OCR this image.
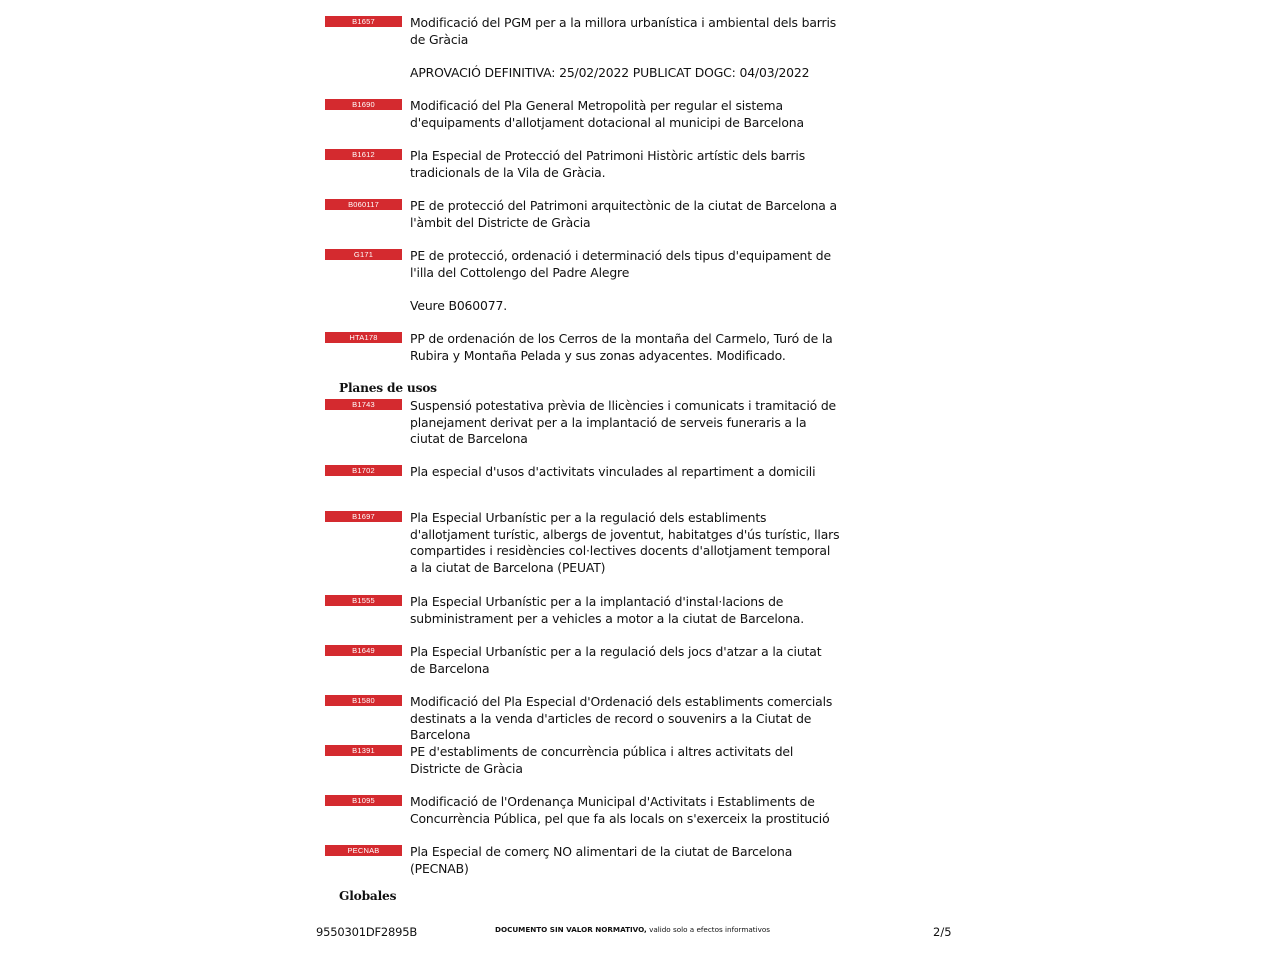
B1657	Modificació del PGM per a la millora urbanística i ambiental dels barris de Gràcia
APROVACIÓ DEFINITIVA: 25/02/2022 PUBLICAT DOGC: 04/03/2022
B1690	Modificació del Pla General Metropolità per regular el sistema d'equipaments d'allotjament dotacional al municipi de Barcelona
B1612	Pla Especial de Protecció del Patrimoni Històric artístic dels barris tradicionals de la Vila de Gràcia.
B060117	PE de protecció del Patrimoni arquitectònic de la ciutat de Barcelona a l'àmbit del Districte de Gràcia
G171	PE de protecció, ordenació i determinació dels tipus d'equipament de l'illa del Cottolengo del Padre Alegre
Veure B060077.
HTA178	PP de ordenación de los Cerros de la montaña del Carmelo, Turó de la Rubira y Montaña Pelada y sus zonas adyacentes. Modificado.
Planes de usos
B1743	Suspensió potestativa prèvia de llicències i comunicats i tramitació de planejament derivat per a la implantació de serveis funeraris a la ciutat de Barcelona
B1702	Pla especial d'usos d'activitats vinculades al repartiment a domicili
B1697	Pla Especial Urbanístic per a la regulació dels establiments d'allotjament turístic, albergs de joventut, habitatges d'ús turístic, llars compartides i residències col·lectives docents d'allotjament temporal a la ciutat de Barcelona (PEUAT)
B1555	Pla Especial Urbanístic per a la implantació d'instal·lacions de subministrament per a vehicles a motor a la ciutat de Barcelona.
B1649	Pla Especial Urbanístic per a la regulació dels jocs d'atzar a la ciutat de Barcelona
B1580	Modificació del Pla Especial d'Ordenació dels establiments comercials destinats a la venda d'articles de record o souvenirs a la Ciutat de Barcelona
B1391	PE d'establiments de concurrència pública i altres activitats del Districte de Gràcia
B1095	Modificació de l'Ordenança Municipal d'Activitats i Establiments de Concurrència Pública, pel que fa als locals on s'exerceix la prostitució
PECNAB	Pla Especial de comerç NO alimentari de la ciutat de Barcelona (PECNAB)
Globales
9550301DF2895B	DOCUMENTO SIN VALOR NORMATIVO, valido solo a efectos informativos	2/5
